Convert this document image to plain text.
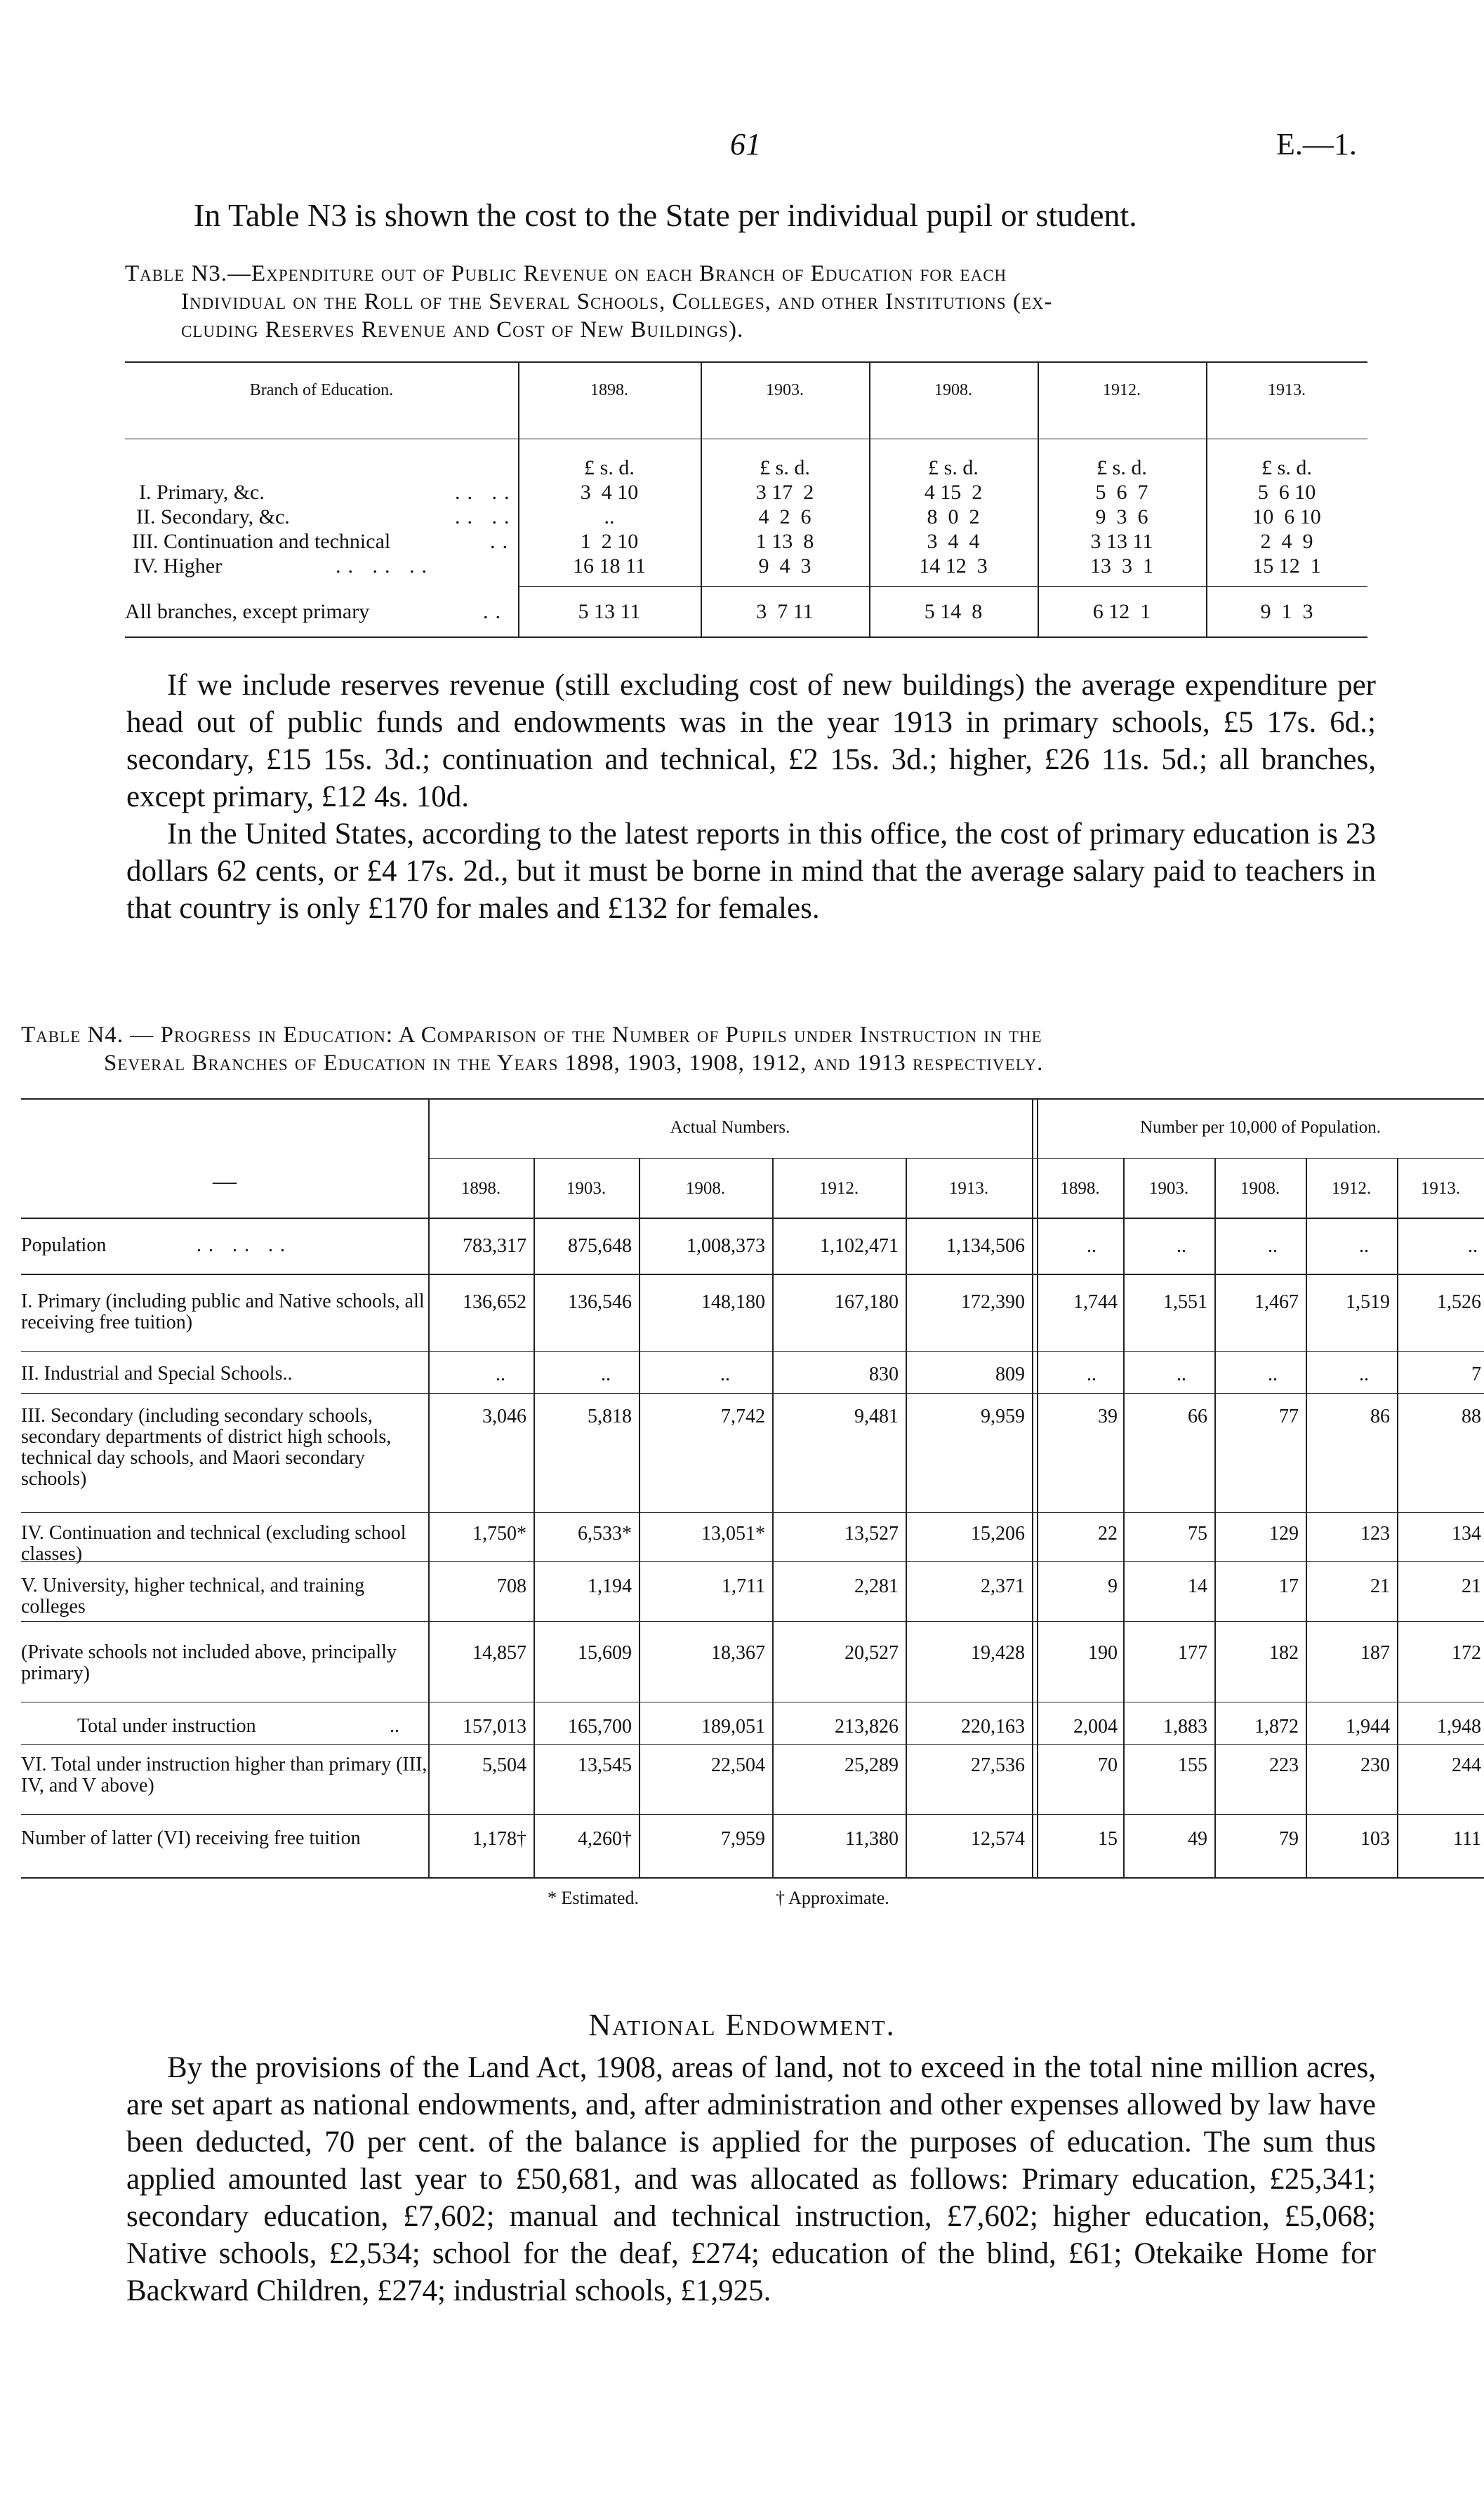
61	E.—1.
In Table N3 is shown the cost to the State per individual pupil or student.
Table N3.—Expenditure out of Public Revenue on each Branch of Education for each
Individual on the Roll of the Several Schools, Colleges, and other Institutions (ex-
cluding Reserves Revenue and Cost of New Buildings).
Branch of Education.	1898.	1903.	1908.	1912.	1913.
£ s. d.	£ s. d.	£ s. d.	£ s. d.	£ s. d.
I. Primary, &c.	.. ..	3  4 10	3 17  2	4 15  2	5  6  7	5  6 10
II. Secondary, &c.	.. ..	..	4  2  6	8  0  2	9  3  6	10  6 10
III. Continuation and technical	..	1  2 10	1 13  8	3  4  4	3 13 11	2  4  9
IV. Higher	.. .. ..	16 18 11	9  4  3	14 12  3	13  3  1	15 12  1
All branches, except primary	..	5 13 11	3  7 11	5 14  8	6 12  1	9  1  3

If we include reserves revenue (still excluding cost of new buildings) the average expenditure per head out of public funds and endowments was in the year 1913 in primary schools, £5 17s. 6d.; secondary, £15 15s. 3d.; continuation and technical, £2 15s. 3d.; higher, £26 11s. 5d.; all branches, except primary, £12 4s. 10d.

In the United States, according to the latest reports in this office, the cost of primary education is 23 dollars 62 cents, or £4 17s. 2d., but it must be borne in mind that the average salary paid to teachers in that country is only £170 for males and £132 for females.

Table N4. — Progress in Education: A Comparison of the Number of Pupils under Instruction in the
Several Branches of Education in the Years 1898, 1903, 1908, 1912, and 1913 respectively.
—
Actual Numbers.	Number per 10,000 of Population.
1898.	1903.	1908.	1912.	1913.	1898.	1903.	1908.	1912.	1913.
Population	.. .. ..	783,317	875,648	1,008,373	1,102,471	1,134,506	..	..	..	..	..
I. Primary (including public and Native schools, all receiving free tuition)
136,652	136,546	148,180	167,180	172,390	1,744	1,551	1,467	1,519	1,526
II. Industrial and Special Schools..	..	..	..	830	809	..	..	..	..	7
III. Secondary (including secondary schools, secondary departments of district high schools, technical day schools, and Maori secondary schools)
3,046	5,818	7,742	9,481	9,959	39	66	77	86	88
IV. Continuation and technical (excluding school classes)
1,750*	6,533*	13,051*	13,527	15,206	22	75	129	123	134
V. University, higher technical, and training colleges
708	1,194	1,711	2,281	2,371	9	14	17	21	21
(Private schools not included above, principally primary)
14,857	15,609	18,367	20,527	19,428	190	177	182	187	172
Total under instruction	..	157,013	165,700	189,051	213,826	220,163	2,004	1,883	1,872	1,944	1,948
VI. Total under instruction higher than primary (III, IV, and V above)
5,504	13,545	22,504	25,289	27,536	70	155	223	230	244
Number of latter (VI) receiving free tuition	1,178†	4,260†	7,959	11,380	12,574	15	49	79	103	111
* Estimated.	† Approximate.
National Endowment.

By the provisions of the Land Act, 1908, areas of land, not to exceed in the total nine million acres, are set apart as national endowments, and, after administration and other expenses allowed by law have been deducted, 70 per cent. of the balance is applied for the purposes of education. The sum thus applied amounted last year to £50,681, and was allocated as follows: Primary education, £25,341; secondary education, £7,602; manual and technical instruction, £7,602; higher education, £5,068; Native schools, £2,534; school for the deaf, £274; education of the blind, £61; Otekaike Home for Backward Children, £274; industrial schools, £1,925.
